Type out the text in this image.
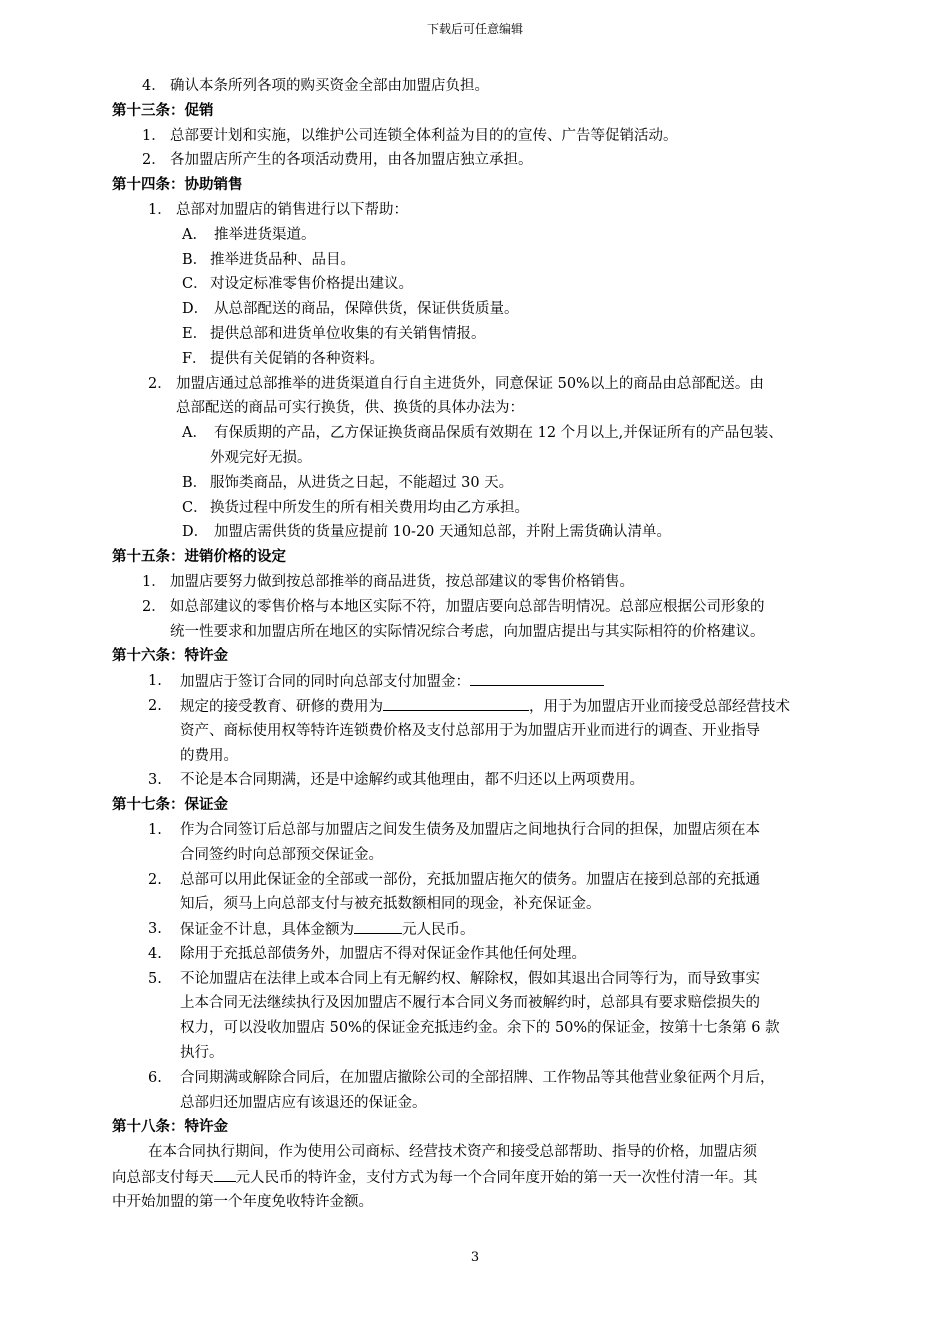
下载后可任意编辑
4． 确认本条所列各项的购买资金全部由加盟店负担。
第十三条：促销
1． 总部要计划和实施，以维护公司连锁全体利益为目的的宣传、广告等促销活动。
2． 各加盟店所产生的各项活动费用，由各加盟店独立承担。
第十四条：协助销售
1． 总部对加盟店的销售进行以下帮助：
A． 推举进货渠道。
B． 推举进货品种、品目。
C． 对设定标准零售价格提出建议。
D． 从总部配送的商品，保障供货，保证供货质量。
E． 提供总部和进货单位收集的有关销售情报。
F． 提供有关促销的各种资料。
2． 加盟店通过总部推举的进货渠道自行自主进货外，同意保证 50%以上的商品由总部配送。由
总部配送的商品可实行换货，供、换货的具体办法为：
A． 有保质期的产品，乙方保证换货商品保质有效期在 12 个月以上,并保证所有的产品包装、
外观完好无损。
B． 服饰类商品，从进货之日起，不能超过 30 天。
C． 换货过程中所发生的所有相关费用均由乙方承担。
D． 加盟店需供货的货量应提前 10-20 天通知总部，并附上需货确认清单。
第十五条：进销价格的设定
1． 加盟店要努力做到按总部推举的商品进货，按总部建议的零售价格销售。
2． 如总部建议的零售价格与本地区实际不符，加盟店要向总部告明情况。总部应根据公司形象的
统一性要求和加盟店所在地区的实际情况综合考虑，向加盟店提出与其实际相符的价格建议。
第十六条：特许金
1. 加盟店于签订合同的同时向总部支付加盟金：
2. 规定的接受教育、研修的费用为	，用于为加盟店开业而接受总部经营技术
资产、商标使用权等特许连锁费价格及支付总部用于为加盟店开业而进行的调查、开业指导
的费用。
3. 不论是本合同期满，还是中途解约或其他理由，都不归还以上两项费用。
第十七条：保证金
1. 作为合同签订后总部与加盟店之间发生债务及加盟店之间地执行合同的担保，加盟店须在本
合同签约时向总部预交保证金。
2. 总部可以用此保证金的全部或一部份，充抵加盟店拖欠的债务。加盟店在接到总部的充抵通
知后，须马上向总部支付与被充抵数额相同的现金，补充保证金。
3. 保证金不计息，具体金额为	元人民币。
4. 除用于充抵总部债务外，加盟店不得对保证金作其他任何处理。
5. 不论加盟店在法律上或本合同上有无解约权、解除权，假如其退出合同等行为，而导致事实
上本合同无法继续执行及因加盟店不履行本合同义务而被解约时，总部具有要求赔偿损失的
权力，可以没收加盟店 50%的保证金充抵违约金。余下的 50%的保证金，按第十七条第 6 款
执行。
6. 合同期满或解除合同后，在加盟店撤除公司的全部招牌、工作物品等其他营业象征两个月后，
总部归还加盟店应有该退还的保证金。
第十八条：特许金
在本合同执行期间，作为使用公司商标、经营技术资产和接受总部帮助、指导的价格，加盟店须
向总部支付每天 元人民币的特许金，支付方式为每一个合同年度开始的第一天一次性付清一年。其
中开始加盟的第一个年度免收特许金额。
3
